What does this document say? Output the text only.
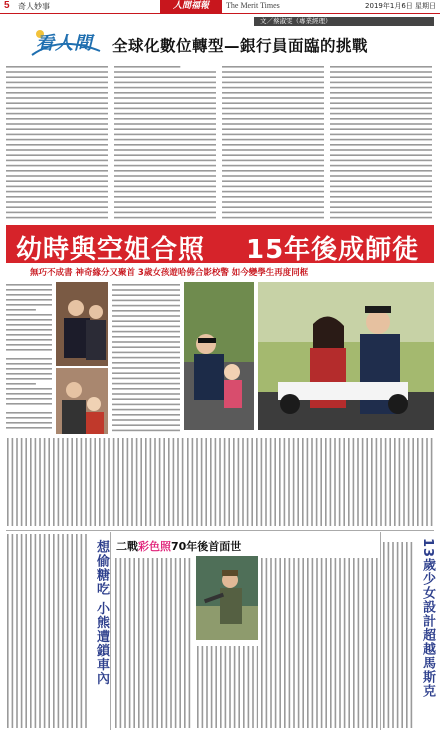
5 奇人妙事	人間福報	The Merit Times	2019年1月6日 星期日
文／蔡淑雯（專業經理）
看人間 全球化數位轉型—銀行員面臨的挑戰
幼時與空姐合照 15年後成師徒
無巧不成書 神奇緣分又聚首 3歲女孩遊哈佛合影校警 如今變學生再度同框
二戰彩色照70年後首面世
想偷糖吃 小熊遭鎖車內	13歲少女設計超越馬斯克
